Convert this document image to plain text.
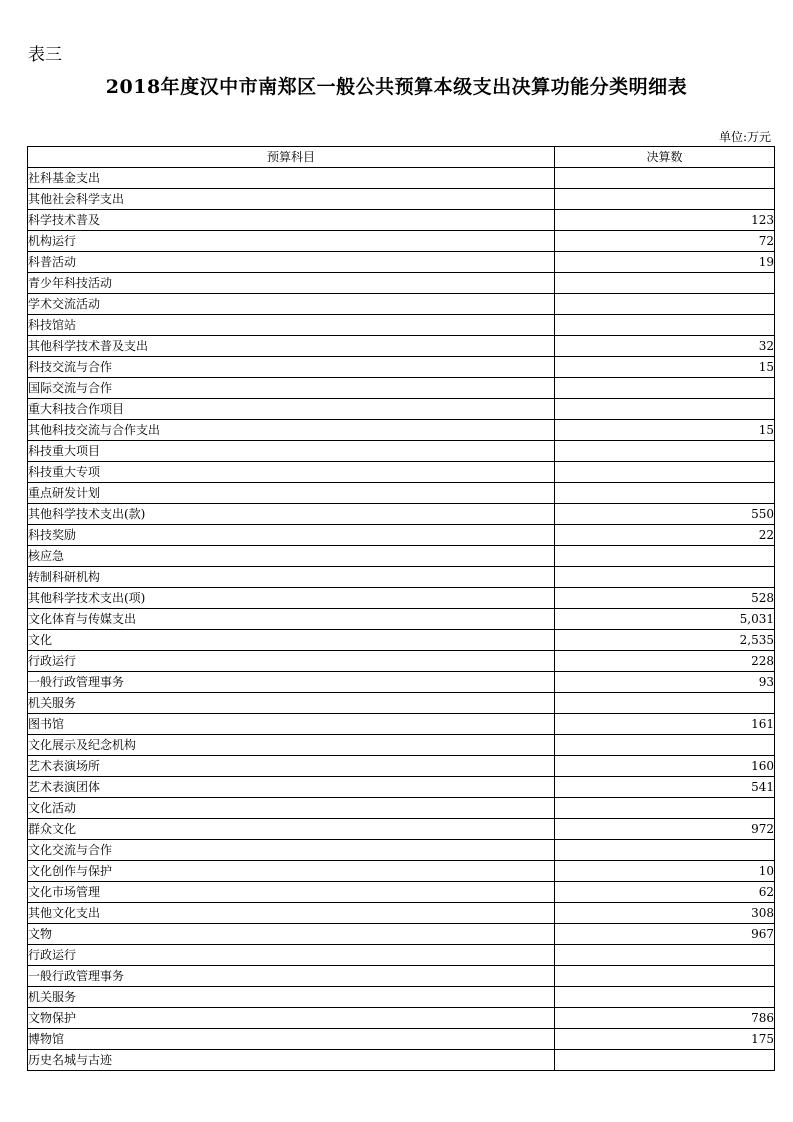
表三
2018年度汉中市南郑区一般公共预算本级支出决算功能分类明细表
单位:万元
预算科目	决算数
社科基金支出	
其他社会科学支出	
科学技术普及	123
机构运行	72
科普活动	19
青少年科技活动	
学术交流活动	
科技馆站	
其他科学技术普及支出	32
科技交流与合作	15
国际交流与合作	
重大科技合作项目	
其他科技交流与合作支出	15
科技重大项目	
科技重大专项	
重点研发计划	
其他科学技术支出(款)	550
科技奖励	22
核应急	
转制科研机构	
其他科学技术支出(项)	528
文化体育与传媒支出	5,031
文化	2,535
行政运行	228
一般行政管理事务	93
机关服务	
图书馆	161
文化展示及纪念机构	
艺术表演场所	160
艺术表演团体	541
文化活动	
群众文化	972
文化交流与合作	
文化创作与保护	10
文化市场管理	62
其他文化支出	308
文物	967
行政运行	
一般行政管理事务	
机关服务	
文物保护	786
博物馆	175
历史名城与古迹	
